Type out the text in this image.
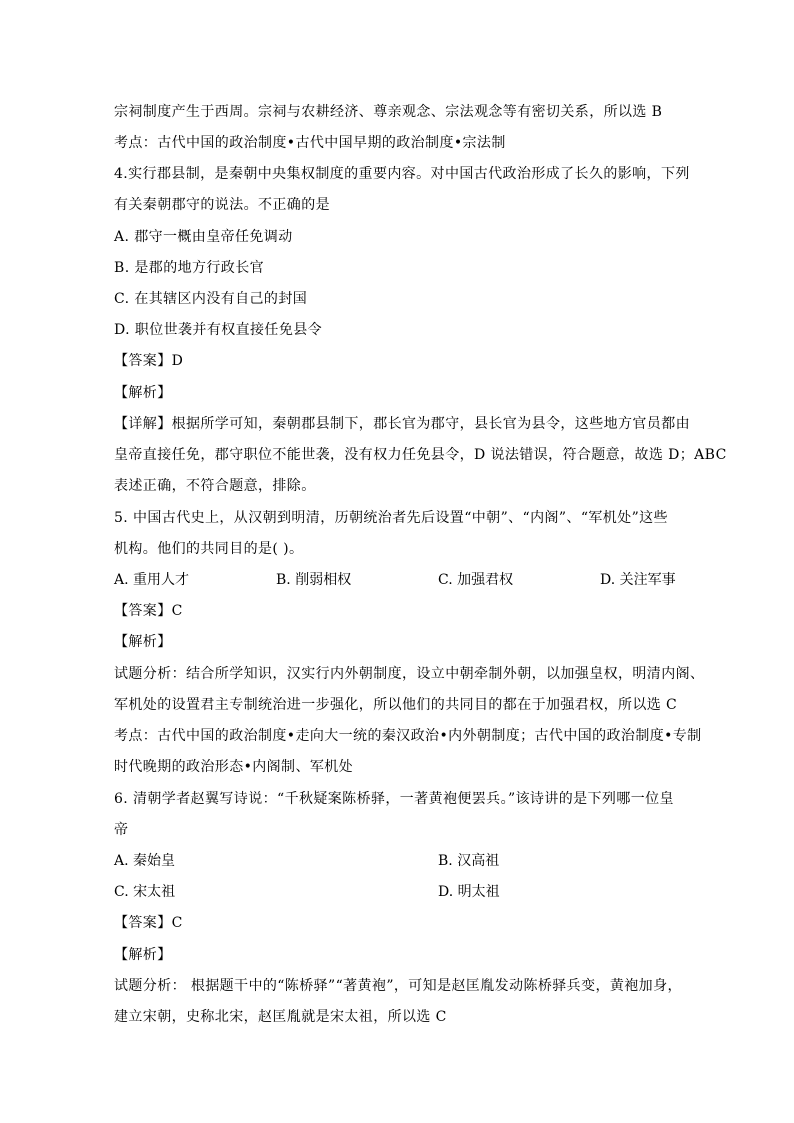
宗祠制度产生于西周。宗祠与农耕经济、尊亲观念、宗法观念等有密切关系，所以选 B
考点：古代中国的政治制度•古代中国早期的政治制度•宗法制
4.实行郡县制，是秦朝中央集权制度的重要内容。对中国古代政治形成了长久的影响，下列
有关秦朝郡守的说法。不正确的是
A. 郡守一概由皇帝任免调动
B. 是郡的地方行政长官
C. 在其辖区内没有自己的封国
D. 职位世袭并有权直接任免县令
【答案】D
【解析】
【详解】根据所学可知，秦朝郡县制下，郡长官为郡守，县长官为县令，这些地方官员都由
皇帝直接任免，郡守职位不能世袭，没有权力任免县令，D 说法错误，符合题意，故选 D；ABC
表述正确，不符合题意，排除。
5. 中国古代史上，从汉朝到明清，历朝统治者先后设置“中朝”、“内阁”、“军机处”这些
机构。他们的共同目的是( )。
A. 重用人才	B. 削弱相权	C. 加强君权	D. 关注军事
【答案】C
【解析】
试题分析：结合所学知识，汉实行内外朝制度，设立中朝牵制外朝，以加强皇权，明清内阁、
军机处的设置君主专制统治进一步强化，所以他们的共同目的都在于加强君权，所以选 C
考点：古代中国的政治制度•走向大一统的秦汉政治•内外朝制度；古代中国的政治制度•专制
时代晚期的政治形态•内阁制、军机处
6. 清朝学者赵翼写诗说：“千秋疑案陈桥驿，一著黄袍便罢兵。”该诗讲的是下列哪一位皇
帝
A. 秦始皇	B. 汉高祖
C. 宋太祖	D. 明太祖
【答案】C
【解析】
试题分析： 根据题干中的“陈桥驿”“著黄袍”，可知是赵匡胤发动陈桥驿兵变，黄袍加身，
建立宋朝，史称北宋，赵匡胤就是宋太祖，所以选 C
